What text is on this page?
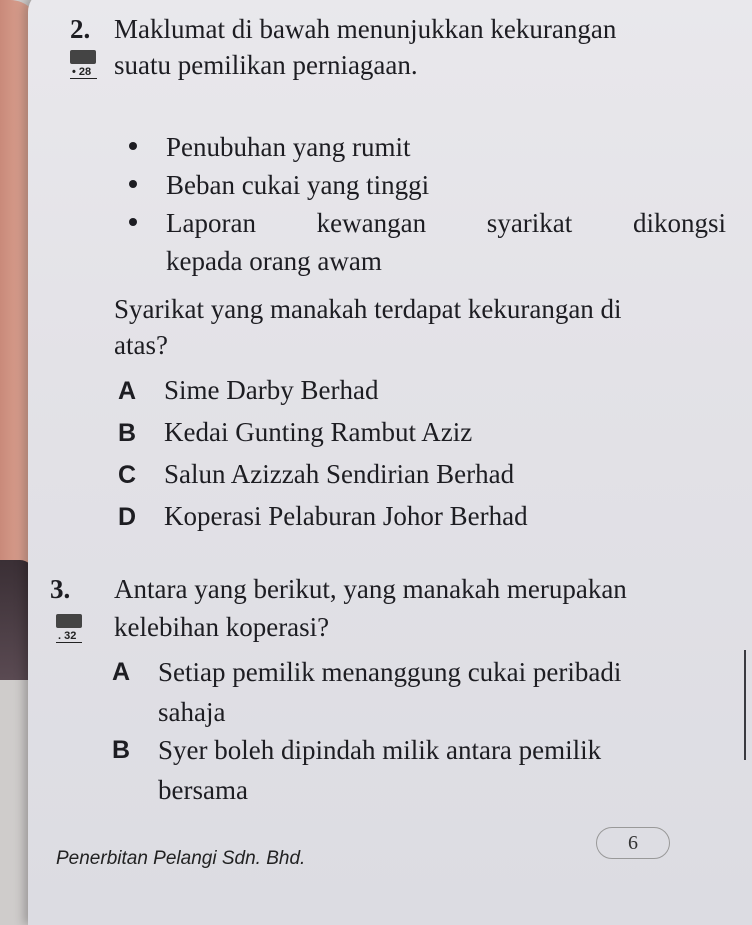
2. Maklumat di bawah menunjukkan kekurangan
• 28 suatu pemilikan perniagaan.
Penubuhan yang rumit
Beban cukai yang tinggi
Laporan kewangan syarikat dikongsi
kepada orang awam
Syarikat yang manakah terdapat kekurangan di
atas?
A Sime Darby Berhad
B Kedai Gunting Rambut Aziz
C Salun Azizzah Sendirian Berhad
D Koperasi Pelaburan Johor Berhad
3. Antara yang berikut, yang manakah merupakan
. 32 kelebihan koperasi?
A Setiap pemilik menanggung cukai peribadi
sahaja
B Syer boleh dipindah milik antara pemilik
bersama
6
Penerbitan Pelangi Sdn. Bhd.
